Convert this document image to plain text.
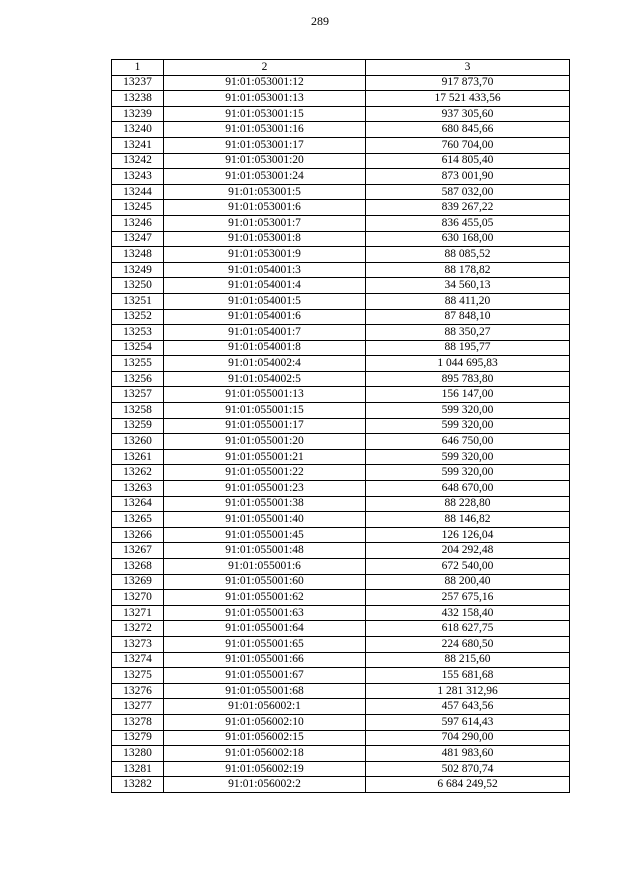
289
1	2	3
13237	91:01:053001:12	917 873,70
13238	91:01:053001:13	17 521 433,56
13239	91:01:053001:15	937 305,60
13240	91:01:053001:16	680 845,66
13241	91:01:053001:17	760 704,00
13242	91:01:053001:20	614 805,40
13243	91:01:053001:24	873 001,90
13244	91:01:053001:5	587 032,00
13245	91:01:053001:6	839 267,22
13246	91:01:053001:7	836 455,05
13247	91:01:053001:8	630 168,00
13248	91:01:053001:9	88 085,52
13249	91:01:054001:3	88 178,82
13250	91:01:054001:4	34 560,13
13251	91:01:054001:5	88 411,20
13252	91:01:054001:6	87 848,10
13253	91:01:054001:7	88 350,27
13254	91:01:054001:8	88 195,77
13255	91:01:054002:4	1 044 695,83
13256	91:01:054002:5	895 783,80
13257	91:01:055001:13	156 147,00
13258	91:01:055001:15	599 320,00
13259	91:01:055001:17	599 320,00
13260	91:01:055001:20	646 750,00
13261	91:01:055001:21	599 320,00
13262	91:01:055001:22	599 320,00
13263	91:01:055001:23	648 670,00
13264	91:01:055001:38	88 228,80
13265	91:01:055001:40	88 146,82
13266	91:01:055001:45	126 126,04
13267	91:01:055001:48	204 292,48
13268	91:01:055001:6	672 540,00
13269	91:01:055001:60	88 200,40
13270	91:01:055001:62	257 675,16
13271	91:01:055001:63	432 158,40
13272	91:01:055001:64	618 627,75
13273	91:01:055001:65	224 680,50
13274	91:01:055001:66	88 215,60
13275	91:01:055001:67	155 681,68
13276	91:01:055001:68	1 281 312,96
13277	91:01:056002:1	457 643,56
13278	91:01:056002:10	597 614,43
13279	91:01:056002:15	704 290,00
13280	91:01:056002:18	481 983,60
13281	91:01:056002:19	502 870,74
13282	91:01:056002:2	6 684 249,52
